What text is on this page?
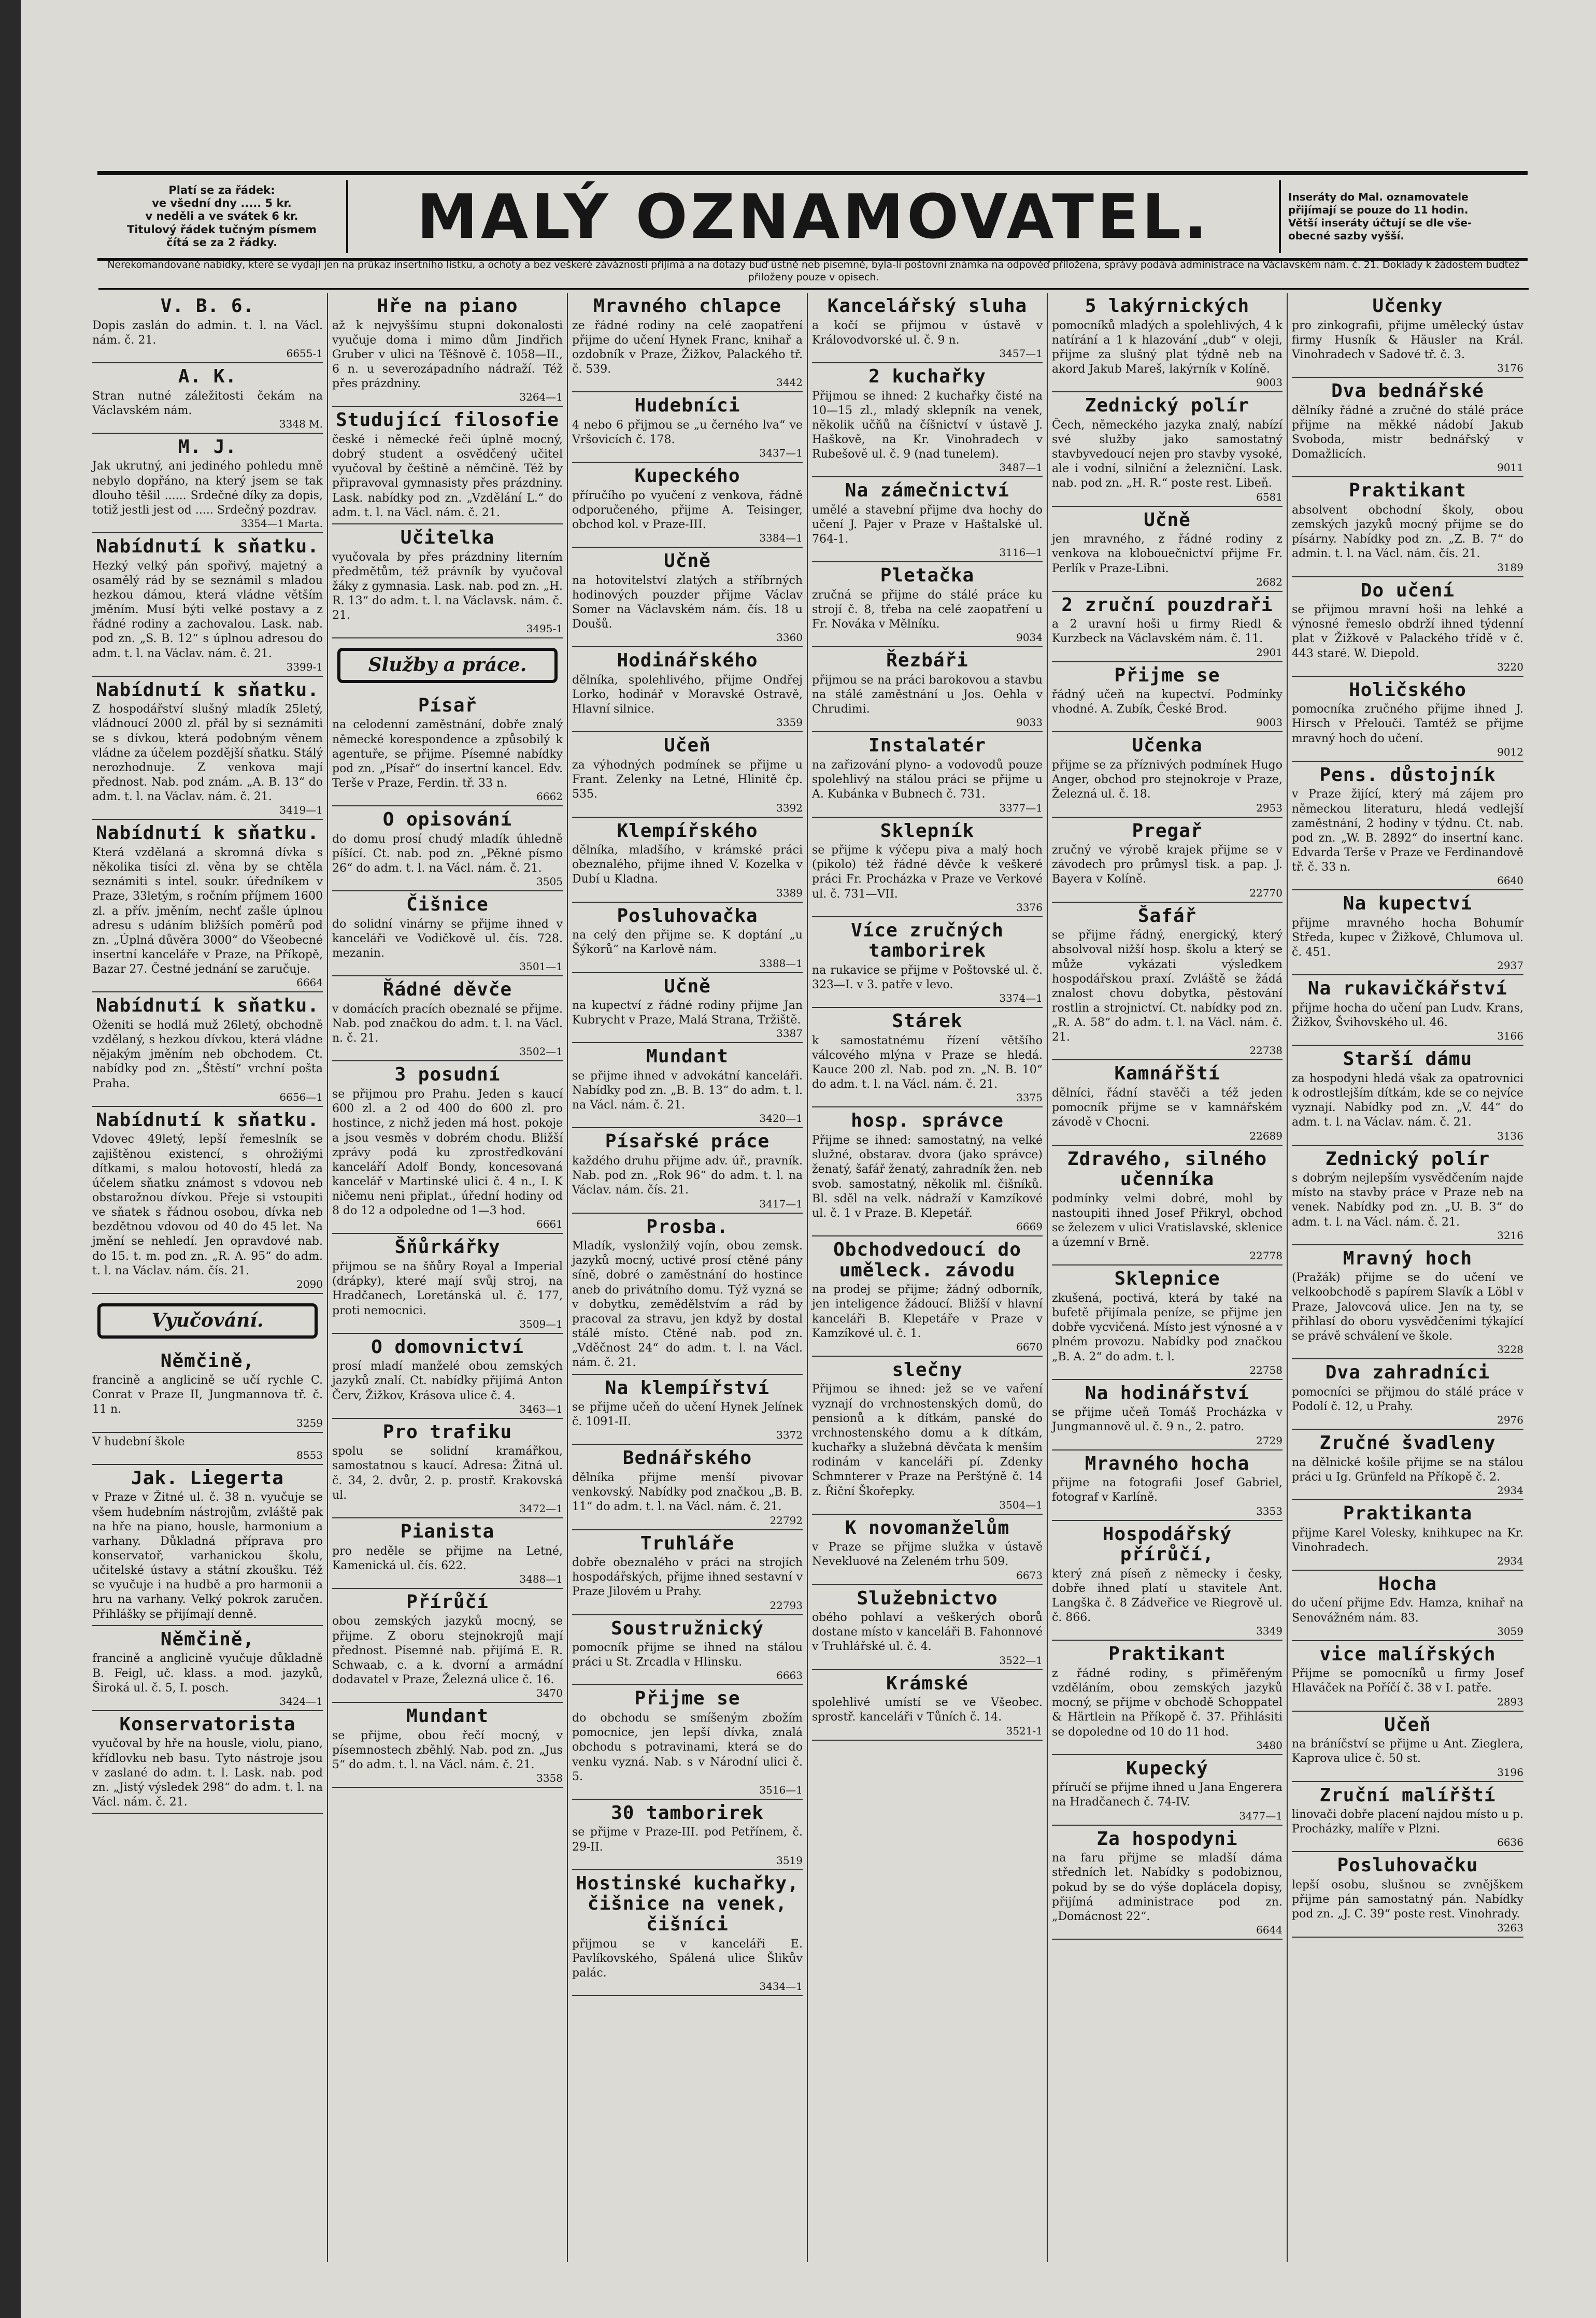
Platí se za řádek:
ve všední dny ..... 5 kr.
v neděli a ve svátek 6 kr.
Titulový řádek tučným písmem
čítá se za 2 řádky.	MALÝ OZNAMOVATEL.	Inseráty do Mal. oznamovatele
přijímají se pouze do 11 hodin.
Větší inseráty účtují se dle vše-
obecné sazby vyšší.
Nerekomandované nabídky, které se vydají jen na průkaz insertního lístku, a ochoty a bez veškeré záváznosti přijímá a na dotazy buď ústně neb písemně, byla-li poštovní známka na odpověď přiložena, správy podává administrace na Václavském nám. č. 21. Doklady k žádostem budteż přiloženy pouze v opisech.
V. B. 6.

Dopis zaslán do admin. t. l. na Václ. nám. č. 21.

6655-1
A. K.

Stran nutné záležitosti čekám na Václavském nám.

3348 M.
M. J.

Jak ukrutný, ani jediného pohledu mně nebylo dopřáno, na který jsem se tak dlouho těšil ...... Srdečné díky za dopis, totiž jestli jest od ..... Srdečný pozdrav.

3354—1 Marta.
Nabídnutí k sňatku.

Hezký velký pán spořivý, majetný a osamělý rád by se seznámil s mladou hezkou dámou, která vládne větším jměním. Musí býti velké postavy a z řádné rodiny a zachovalou. Lask. nab. pod zn. „S. B. 12“ s úplnou adresou do adm. t. l. na Václav. nám. č. 21.

3399-1
Nabídnutí k sňatku.

Z hospodářství slušný mladík 25letý, vládnoucí 2000 zl. přál by si seznámiti se s dívkou, která podobným věnem vládne za účelem pozdější sňatku. Stálý nerozhodnuje. Z venkova mají přednost. Nab. pod znám. „A. B. 13“ do adm. t. l. na Václav. nám. č. 21.

3419—1
Nabídnutí k sňatku.

Která vzdělaná a skromná dívka s několika tisíci zl. věna by se chtěla seznámiti s intel. soukr. úředníkem v Praze, 33letým, s ročním příjmem 1600 zl. a přív. jměním, nechť zašle úplnou adresu s udáním bližších poměrů pod zn. „Úplná důvěra 3000“ do Všeobecné insertní kanceláře v Praze, na Příkopě, Bazar 27. Čestné jednání se zaručuje.

6664
Nabídnutí k sňatku.

Oženiti se hodlá muž 26letý, obchodně vzdělaný, s hezkou dívkou, která vládne nějakým jměním neb obchodem. Ct. nabídky pod zn. „Štěstí“ vrchní pošta Praha.

6656—1
Nabídnutí k sňatku.

Vdovec 49letý, lepší řemeslník se zajištěnou existencí, s ohrožiými dítkami, s malou hotovostí, hledá za účelem sňatku známost s vdovou neb obstarožnou dívkou. Přeje si vstoupiti ve sňatek s řádnou osobou, dívka neb bezdětnou vdovou od 40 do 45 let. Na jmění se nehledí. Jen opravdové nab. do 15. t. m. pod zn. „R. A. 95“ do adm. t. l. na Václav. nám. čís. 21.

2090
Vyučování.
Němčině,

francině a anglicině se učí rychle C. Conrat v Praze II, Jungmannova tř. č. 11 n.

3259

V hudební škole

8553
Jak. Liegerta

v Praze v Žitné ul. č. 38 n. vyučuje se všem hudebním nástrojům, zvláště pak na hře na piano, housle, harmonium a varhany. Důkladná příprava pro konservatoř, varhanickou školu, učitelské ústavy a státní zkoušku. Též se vyučuje i na hudbě a pro harmonii a hru na varhany. Velký pokrok zaručen. Přihlášky se přijímají denně.

Němčině,

francině a anglicině vyučuje důkladně B. Feigl, uč. klass. a mod. jazyků, Široká ul. č. 5, I. posch.

3424—1
Konservatorista

vyučoval by hře na housle, violu, piano, křídlovku neb basu. Tyto nástroje jsou v zaslané do adm. t. l. Lask. nab. pod zn. „Jistý výsledek 298“ do adm. t. l. na Václ. nám. č. 21.

Hře na piano

až k nejvyššímu stupni dokonalosti vyučuje doma i mimo dům Jindřich Gruber v ulici na Těšnově č. 1058—II., 6 n. u severozápadního nádraží. Též přes prázdniny.

3264—1
Studující filosofie

české i německé řeči úplně mocný, dobrý student a osvědčený učitel vyučoval by češtině a němčině. Též by připravoval gymnasisty přes prázdniny. Lask. nabídky pod zn. „Vzdělání L.“ do adm. t. l. na Václ. nám. č. 21.

Učitelka

vyučovala by přes prázdniny literním předmětům, též právník by vyučoval žáky z gymnasia. Lask. nab. pod zn. „H. R. 13“ do adm. t. l. na Václavsk. nám. č. 21.

3495-1
Služby a práce.
Písař

na celodenní zaměstnání, dobře znalý německé korespondence a způsobilý k agentuře, se přijme. Písemné nabídky pod zn. „Písař“ do insertní kancel. Edv. Terše v Praze, Ferdin. tř. 33 n.

6662
O opisování

do domu prosí chudý mladík úhledně píšící. Ct. nab. pod zn. „Pěkné písmo 26“ do adm. t. l. na Václ. nám. č. 21.

3505
Čišnice

do solidní vinárny se přijme ihned v kanceláři ve Vodičkově ul. čís. 728. mezanin.

3501—1
Řádné děvče

v domácích pracích obeznalé se přijme. Nab. pod značkou do adm. t. l. na Václ. n. č. 21.

3502—1
3 posudní

se přijmou pro Prahu. Jeden s kaucí 600 zl. a 2 od 400 do 600 zl. pro hostince, z nichž jeden má host. pokoje a jsou vesměs v dobrém chodu. Bližší zprávy podá ku zprostředkování kanceláří Adolf Bondy, koncesovaná kancelář v Martinské ulici č. 4 n., I. K ničemu neni připlat., úřední hodiny od 8 do 12 a odpoledne od 1—3 hod.

6661
Šňůrkářky

přijmou se na šňůry Royal a Imperial (drápky), které mají svůj stroj, na Hradčanech, Loretánská ul. č. 177, proti nemocnici.

3509—1
O domovnictví

prosí mladí manželé obou zemských jazyků znalí. Ct. nabídky přijímá Anton Červ, Žižkov, Krásova ulice č. 4.

3463—1
Pro trafiku

spolu se solidní kramářkou, samostatnou s kaucí. Adresa: Žitná ul. č. 34, 2. dvůr, 2. p. prostř. Krakovská ul.

3472—1
Pianista

pro neděle se přijme na Letné, Kamenická ul. čís. 622.

3488—1
Přírůčí

obou zemských jazyků mocný, se přijme. Z oboru stejnokrojů mají přednost. Písemné nab. přijímá E. R. Schwaab, c. a k. dvorní a armádní dodavatel v Praze, Železná ulice č. 16.

3470
Mundant

se přijme, obou řečí mocný, v písemnostech zběhlý. Nab. pod zn. „Jus 5“ do adm. t. l. na Václ. nám. č. 21.

3358
Mravného chlapce

ze řádné rodiny na celé zaopatření přijme do učení Hynek Franc, knihař a ozdobník v Praze, Žižkov, Palackého tř. č. 539.

3442
Hudebníci

4 nebo 6 přijmou se „u černého lva“ ve Vršovicích č. 178.

3437—1
Kupeckého

příručího po vyučení z venkova, řádně odporučeného, přijme A. Teisinger, obchod kol. v Praze-III.

3384—1
Učně

na hotovitelství zlatých a stříbrných hodinových pouzder přijme Václav Somer na Václavském nám. čís. 18 u Doušů.

3360
Hodinářského

dělníka, spolehlivého, přijme Ondřej Lorko, hodinář v Moravské Ostravě, Hlavní silnice.

3359
Učeň

za výhodných podmínek se přijme u Frant. Zelenky na Letné, Hlinitě čp. 535.

3392
Klempířského

dělníka, mladšího, v krámské práci obeznalého, přijme ihned V. Kozelka v Dubí u Kladna.

3389
Posluhovačka

na celý den přijme se. K doptání „u Šýkorů“ na Karlově nám.

3388—1
Učně

na kupectví z řádné rodiny přijme Jan Kubrycht v Praze, Malá Strana, Tržiště.

3387
Mundant

se přijme ihned v advokátní kanceláři. Nabídky pod zn. „B. B. 13“ do adm. t. l. na Václ. nám. č. 21.

3420—1
Písařské práce

každého druhu přijme adv. úř., pravník. Nab. pod zn. „Rok 96“ do adm. t. l. na Václav. nám. čís. 21.

3417—1
Prosba.

Mladík, vyslonžilý vojín, obou zemsk. jazyků mocný, uctivé prosí ctěné pány síně, dobré o zaměstnání do hostince aneb do privátního domu. Týž vyzná se v dobytku, zemědělstvím a rád by pracoval za stravu, jen když by dostal stálé místo. Ctěné nab. pod zn. „Vděčnost 24“ do adm. t. l. na Václ. nám. č. 21.

Na klempířství

se přijme učeň do učení Hynek Jelínek č. 1091-II.

3372
Bednářského

dělníka přijme menší pivovar venkovský. Nabídky pod značkou „B. B. 11“ do adm. t. l. na Václ. nám. č. 21.

22792
Truhláře

dobře obeznalého v práci na strojích hospodářských, přijme ihned sestavní v Praze Jilovém u Prahy.

22793
Soustružnický

pomocník přijme se ihned na stálou práci u St. Zrcadla v Hlinsku.

6663
Přijme se

do obchodu se smíšeným zbožím pomocnice, jen lepší dívka, znalá obchodu s potravinami, která se do venku vyzná. Nab. s v Národní ulici č. 5.

3516—1
30 tamborirek

se přijme v Praze-III. pod Petřínem, č. 29-II.

3519
Hostinské kuchařky, čišnice na venek, čišníci

přijmou se v kanceláři E. Pavlíkovského, Spálená ulice Šlikův palác.

3434—1
Kancelářský sluha

a kočí se přijmou v ústavě v Královodvorské ul. č. 9 n.

3457—1
2 kuchařky

Přijmou se ihned: 2 kuchařky čisté na 10—15 zl., mladý sklepník na venek, několik učňů na číšnictví v ústavě J. Haškově, na Kr. Vinohradech v Rubešově ul. č. 9 (nad tunelem).

3487—1
Na zámečnictví

umělé a stavební přijme dva hochy do učení J. Pajer v Praze v Haštalské ul. 764-1.

3116—1
Pletačka

zručná se přijme do stálé práce ku strojí č. 8, třeba na celé zaopatření u Fr. Nováka v Mělníku.

9034
Řezbáři

přijmou se na práci barokovou a stavbu na stálé zaměstnání u Jos. Oehla v Chrudimi.

9033
Instalatér

na zařizování plyno- a vodovodů pouze spolehlivý na stálou práci se přijme u A. Kubánka v Bubnech č. 731.

3377—1
Sklepník

se přijme k výčepu piva a malý hoch (pikolo) též řádné děvče k veškeré práci Fr. Procházka v Praze ve Verkové ul. č. 731—VII.

3376
Více zručných tamborirek

na rukavice se přijme v Poštovské ul. č. 323—I. v 3. patře v levo.

3374—1
Stárek

k samostatnému řízení většího válcového mlýna v Praze se hledá. Kauce 200 zl. Nab. pod zn. „N. B. 10“ do adm. t. l. na Václ. nám. č. 21.

3375
hosp. správce

Přijme se ihned: samostatný, na velké služné, obstarav. dvora (jako správce) ženatý, šafář ženatý, zahradník žen. neb svob. samostatný, několik ml. čišníků. Bl. sděl na velk. nádraží v Kamzíkové ul. č. 1 v Praze. B. Klepetář.

6669
Obchodvedoucí do uměleck. závodu

na prodej se přijme; žádný odborník, jen inteligence žádoucí. Bližší v hlavní kanceláři B. Klepetáře v Praze v Kamzíkové ul. č. 1.

6670
slečny

Přijmou se ihned: jež se ve vaření vyznají do vrchnostenských domů, do pensionů a k dítkám, panské do vrchnostenského domu a k dítkám, kuchařky a služebná děvčata k menším rodinám v kanceláři pí. Zdenky Schmnterer v Praze na Perštýně č. 14 z. Řiční Škořepky.

3504—1
K novomanželům

v Praze se přijme služka v ústavě Nevekluové na Zeleném trhu 509.

6673
Služebnictvo

obého pohlaví a veškerých oborů dostane místo v kanceláři B. Fahonnové v Truhlářské ul. č. 4.

3522—1
Krámské

spolehlivé umístí se ve Všeobec. sprostř. kanceláři v Tůních č. 14.

3521-1
5 lakýrnických

pomocníků mladých a spolehlivých, 4 k natírání a 1 k hlazování „dub“ v oleji, přijme za slušný plat týdně neb na akord Jakub Mareš, lakýrník v Kolíně.

9003
Zednický polír

Čech, německého jazyka znalý, nabízí své služby jako samostatný stavbyvedoucí nejen pro stavby vysoké, ale i vodní, silniční a železniční. Lask. nab. pod zn. „H. R.“ poste rest. Libeň.

6581
Učně

jen mravného, z řádné rodiny z venkova na klobouečnictví přijme Fr. Perlík v Praze-Libni.

2682
2 zruční pouzdraři

a 2 uravní hoši u firmy Riedl & Kurzbeck na Václavském nám. č. 11.

2901
Přijme se

řádný učeň na kupectví. Podmínky vhodné. A. Zubík, České Brod.

9003
Učenka

přijme se za příznivých podmínek Hugo Anger, obchod pro stejnokroje v Praze, Železná ul. č. 18.

2953
Pregař

zručný ve výrobě krajek přijme se v závodech pro průmysl tisk. a pap. J. Bayera v Kolíně.

22770
Šafář

se přijme řádný, energický, který absolvoval nižší hosp. školu a který se může vykázati výsledkem hospodářskou praxí. Zvláště se žádá znalost chovu dobytka, pěstování rostlin a strojnictví. Ct. nabídky pod zn. „R. A. 58“ do adm. t. l. na Václ. nám. č. 21.

22738
Kamnářští

dělníci, řádní stavěči a též jeden pomocník přijme se v kamnářském závodě v Chocni.

22689
Zdravého, silného učenníka

podmínky velmi dobré, mohl by nastoupiti ihned Josef Přikryl, obchod se železem v ulici Vratislavské, sklenice a územní v Brně.

22778
Sklepnice

zkušená, poctivá, která by také na bufetě přijímala peníze, se přijme jen dobře vycvičená. Místo jest výnosné a v plném provozu. Nabídky pod značkou „B. A. 2“ do adm. t. l.

22758
Na hodinářství

se přijme učeň Tomáš Procházka v Jungmannově ul. č. 9 n., 2. patro.

2729
Mravného hocha

přijme na fotografii Josef Gabriel, fotograf v Karlíně.

3353
Hospodářský přírůčí,

který zná píseň z německy i česky, dobře ihned platí u stavitele Ant. Langška č. 8 Zádveřice ve Riegrově ul. č. 866.

3349
Praktikant

z řádné rodiny, s přiměřeným vzděláním, obou zemských jazyků mocný, se přijme v obchodě Schoppatel & Härtlein na Příkopě č. 37. Přihlásiti se dopoledne od 10 do 11 hod.

3480
Kupecký

příručí se přijme ihned u Jana Engerera na Hradčanech č. 74-IV.

3477—1
Za hospodyni

na faru přijme se mladší dáma středních let. Nabídky s podobiznou, pokud by se do výše doplácela dopisy, přijímá administrace pod zn. „Domácnost 22“.

6644
Učenky

pro zinkografii, přijme umělecký ústav firmy Husník & Häusler na Král. Vinohradech v Sadové tř. č. 3.

3176
Dva bednářské

dělníky řádné a zručné do stálé práce přijme na měkké nádobí Jakub Svoboda, mistr bednářský v Domažlicích.

9011
Praktikant

absolvent obchodní školy, obou zemských jazyků mocný přijme se do písárny. Nabídky pod zn. „Z. B. 7“ do admin. t. l. na Václ. nám. čís. 21.

3189
Do učení

se přijmou mravní hoši na lehké a výnosné řemeslo obdrží ihned týdenní plat v Žižkově v Palackého třídě v č. 443 staré. W. Diepold.

3220
Holičského

pomocníka zručného přijme ihned J. Hirsch v Přelouči. Tamtéž se přijme mravný hoch do učení.

9012
Pens. důstojník

v Praze žijící, který má zájem pro německou literaturu, hledá vedlejší zaměstnání, 2 hodiny v týdnu. Ct. nab. pod zn. „W. B. 2892“ do insertní kanc. Edvarda Terše v Praze ve Ferdinandově tř. č. 33 n.

6640
Na kupectví

přijme mravného hocha Bohumír Středa, kupec v Žižkově, Chlumova ul. č. 451.

2937
Na rukavičkářství

přijme hocha do učení pan Ludv. Krans, Žižkov, Švihovského ul. 46.

3166
Starší dámu

za hospodyni hledá však za opatrovnici k odrostlejším dítkám, kde se co nejvíce vyznají. Nabídky pod zn. „V. 44“ do adm. t. l. na Václav. nám. č. 21.

3136
Zednický polír

s dobrým nejlepším vysvědčením najde místo na stavby práce v Praze neb na venek. Nabídky pod zn. „U. B. 3“ do adm. t. l. na Václ. nám. č. 21.

3216
Mravný hoch

(Pražák) přijme se do učení ve velkoobchodě s papírem Slavík a Löbl v Praze, Jalovcová ulice. Jen na ty, se přihlasí do oboru vysvědčeními týkající se právě schválení ve škole.

3228
Dva zahradníci

pomocníci se přijmou do stálé práce v Podolí č. 12, u Prahy.

2976
Zručné švadleny

na dělnické košile přijme se na stálou práci u Ig. Grünfeld na Příkopě č. 2.

2934
Praktikanta

přijme Karel Volesky, knihkupec na Kr. Vinohradech.

2934
Hocha

do učení přijme Edv. Hamza, knihař na Senovážném nám. 83.

3059
vice malířských

Přijme se pomocníků u firmy Josef Hlaváček na Poříčí č. 38 v I. patře.

2893
Učeň

na bráníčství se přijme u Ant. Zieglera, Kaprova ulice č. 50 st.

3196
Zruční malířští

linovači dobře placení najdou místo u p. Procházky, malíře v Plzni.

6636
Posluhovačku

lepší osobu, slušnou se zvnějškem přijme pán samostatný pán. Nabídky pod zn. „J. C. 39“ poste rest. Vinohrady.

3263
